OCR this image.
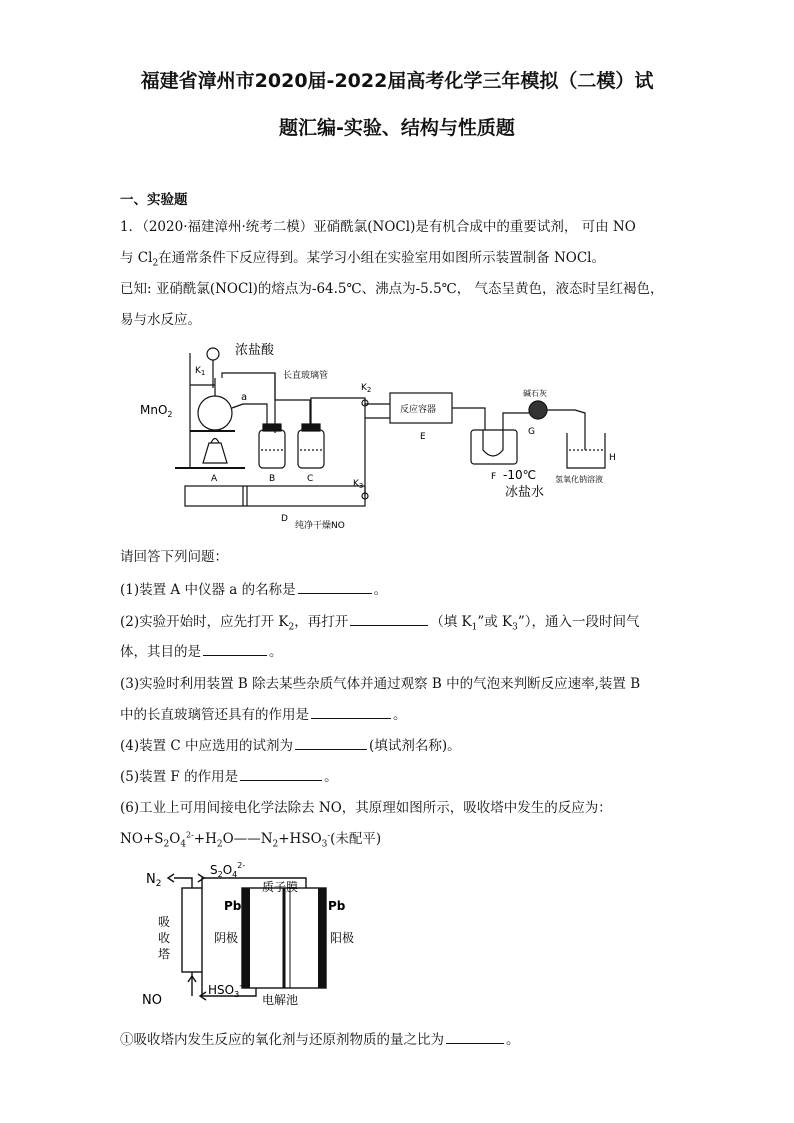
福建省漳州市2020届-2022届高考化学三年模拟（二模）试
题汇编-实验、结构与性质题
一、实验题
1．（2020·福建漳州·统考二模）亚硝酰氯(NOCl)是有机合成中的重要试剂， 可由 NO
与 $Cl_2$在通常条件下反应得到。某学习小组在实验室用如图所示装置制备 NOCl。
已知: 亚硝酰氯(NOCl)的熔点为-64.5℃、沸点为-5.5℃， 气态呈黄色，液态时呈红褐色，
易与水反应。
浓盐酸
$K_1$	长直玻璃管
$K_2$
MnO$_2$
a
A	B	C
反应容器
E
碱石灰
G
H
F -10℃
冰盐水
氢氧化钠溶液
$K_3$
D
纯净干燥NO
请回答下列问题：
(1)装置 A 中仪器 a 的名称是	。
(2)实验开始时，应先打开 $K_2$，再打开	（填 $K_1$”或 $K_3$”），通入一段时间气
体，其目的是	。
(3)实验时利用装置 B 除去某些杂质气体并通过观察 B 中的气泡来判断反应速率,装置 B
中的长直玻璃管还具有的作用是	。
(4)装置 C 中应选用的试剂为	(填试剂名称)。
(5)装置 F 的作用是	。
(6)工业上可用间接电化学法除去 NO，其原理如图所示，吸收塔中发生的反应为：
$NO+S_2O_4^{2-}+H_2O——N_2+HSO_3^-$(未配平)
$N_2$
$S_2O_4^{2-}$
质子膜
Pb	Pb
吸
收
塔
阴极	阳极
NO
$HSO_3^-$
电解池
①吸收塔内发生反应的氧化剂与还原剂物质的量之比为	。
